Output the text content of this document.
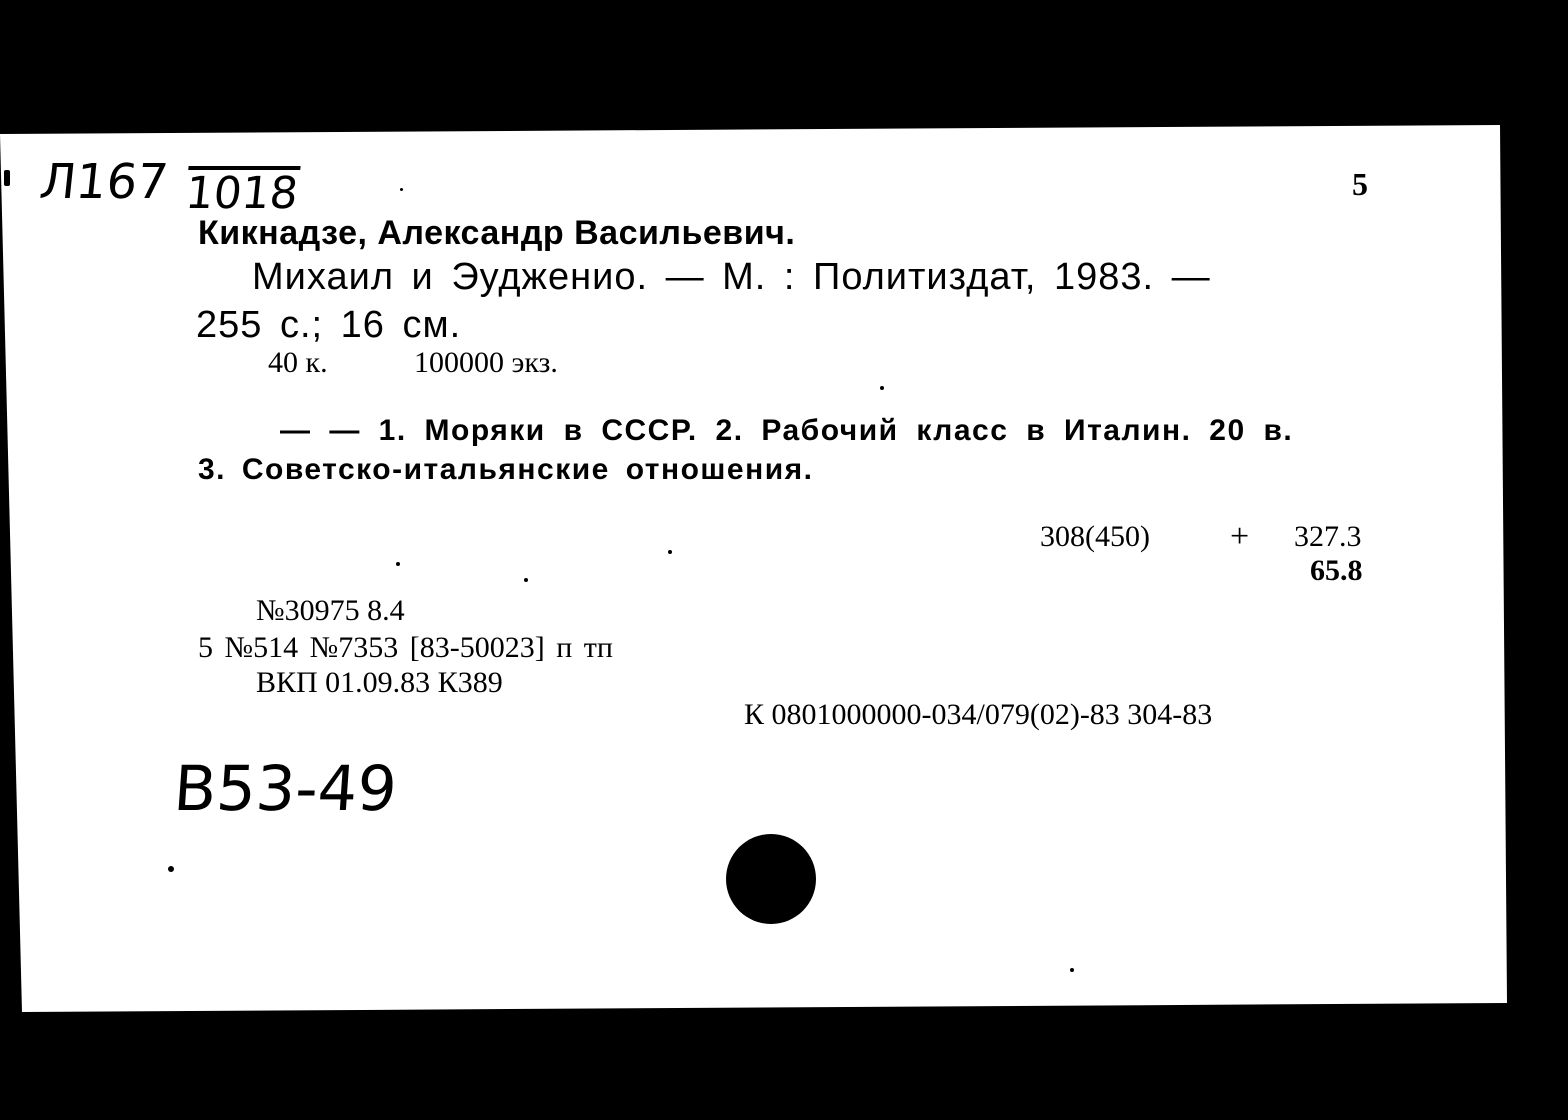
Л167 1018	5
Кикнадзе, Александр Васильевич.
Михаил и Эудженио. — М. : Политиздат, 1983. —
255 с.; 16 см.
40 к.	100000 экз.
— — 1. Моряки в СССР. 2. Рабочий класс в Италин. 20 в.
3. Советско-итальянские отношения.
308(450) + 327.3
65.8
№30975 8.4
5 №514 №7353 [83-50023] п тп
ВКП 01.09.83 К389
К 0801000000-034/079(02)-83 304-83
В53-49
